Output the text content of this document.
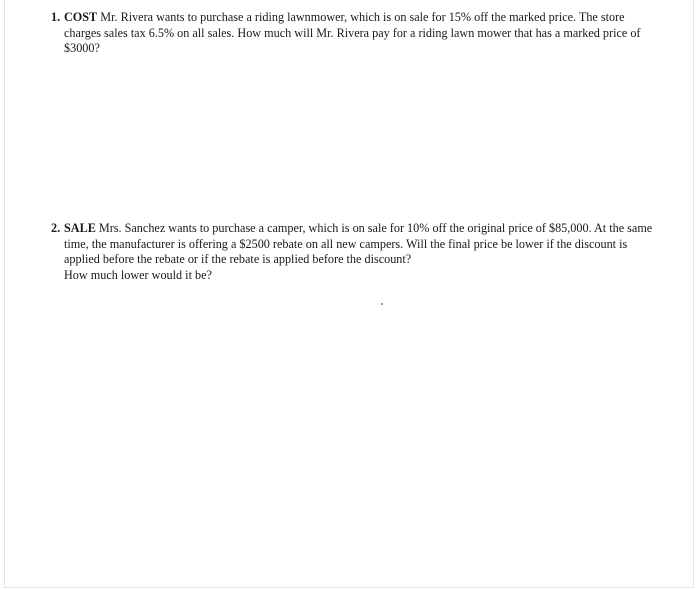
1. COST Mr. Rivera wants to purchase a riding lawnmower, which is on sale for 15% off the marked price. The store charges sales tax 6.5% on all sales. How much will Mr. Rivera pay for a riding lawn mower that has a marked price of $3000?
2. SALE Mrs. Sanchez wants to purchase a camper, which is on sale for 10% off the original price of $85,000. At the same time, the manufacturer is offering a $2500 rebate on all new campers. Will the final price be lower if the discount is applied before the rebate or if the rebate is applied before the discount?
How much lower would it be?
